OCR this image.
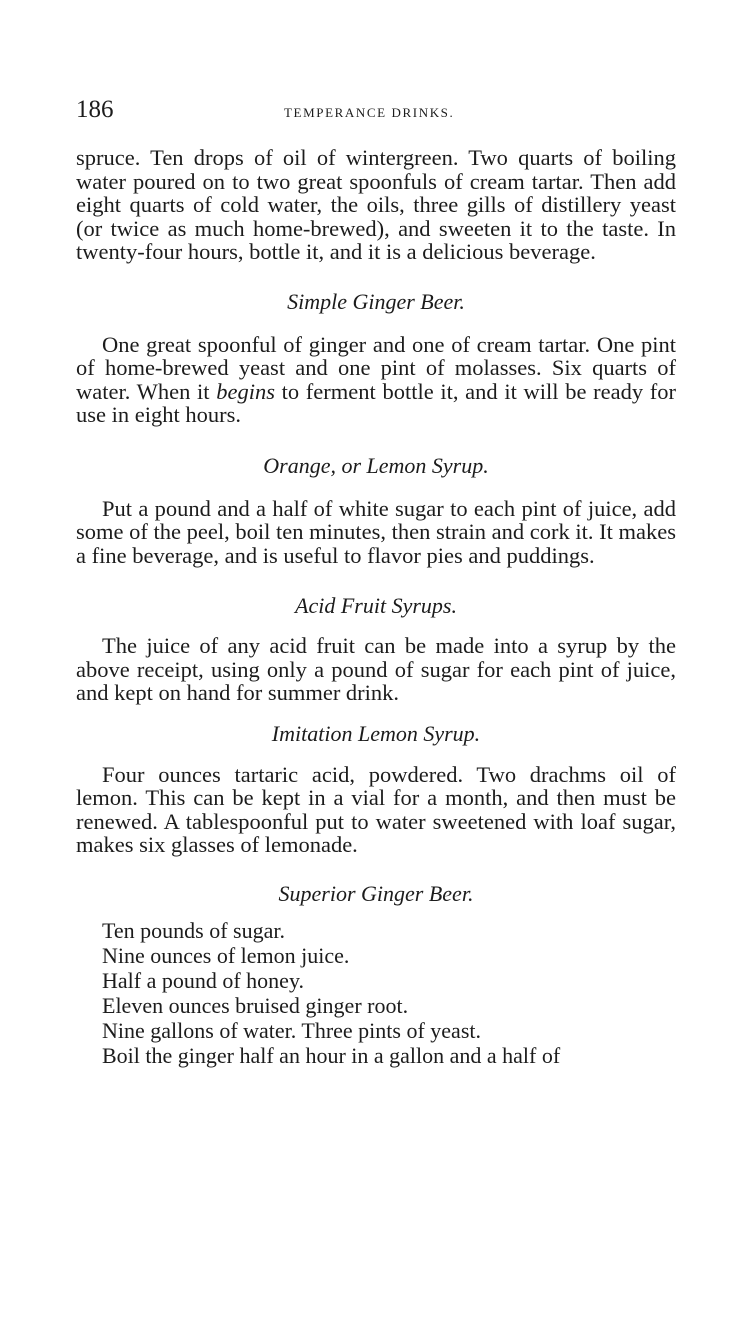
186	TEMPERANCE DRINKS.

spruce. Ten drops of oil of wintergreen. Two quarts of boiling water poured on to two great spoonfuls of cream tartar. Then add eight quarts of cold water, the oils, three gills of distillery yeast (or twice as much home-brewed), and sweeten it to the taste. In twenty-four hours, bottle it, and it is a delicious beverage.

Simple Ginger Beer.

One great spoonful of ginger and one of cream tartar. One pint of home-brewed yeast and one pint of molasses. Six quarts of water. When it begins to ferment bottle it, and it will be ready for use in eight hours.

Orange, or Lemon Syrup.

Put a pound and a half of white sugar to each pint of juice, add some of the peel, boil ten minutes, then strain and cork it. It makes a fine beverage, and is useful to flavor pies and puddings.

Acid Fruit Syrups.

The juice of any acid fruit can be made into a syrup by the above receipt, using only a pound of sugar for each pint of juice, and kept on hand for summer drink.

Imitation Lemon Syrup.

Four ounces tartaric acid, powdered. Two drachms oil of lemon. This can be kept in a vial for a month, and then must be renewed. A tablespoonful put to water sweetened with loaf sugar, makes six glasses of lemonade.

Superior Ginger Beer.
Ten pounds of sugar.
Nine ounces of lemon juice.
Half a pound of honey.
Eleven ounces bruised ginger root.
Nine gallons of water. Three pints of yeast.
Boil the ginger half an hour in a gallon and a half of
